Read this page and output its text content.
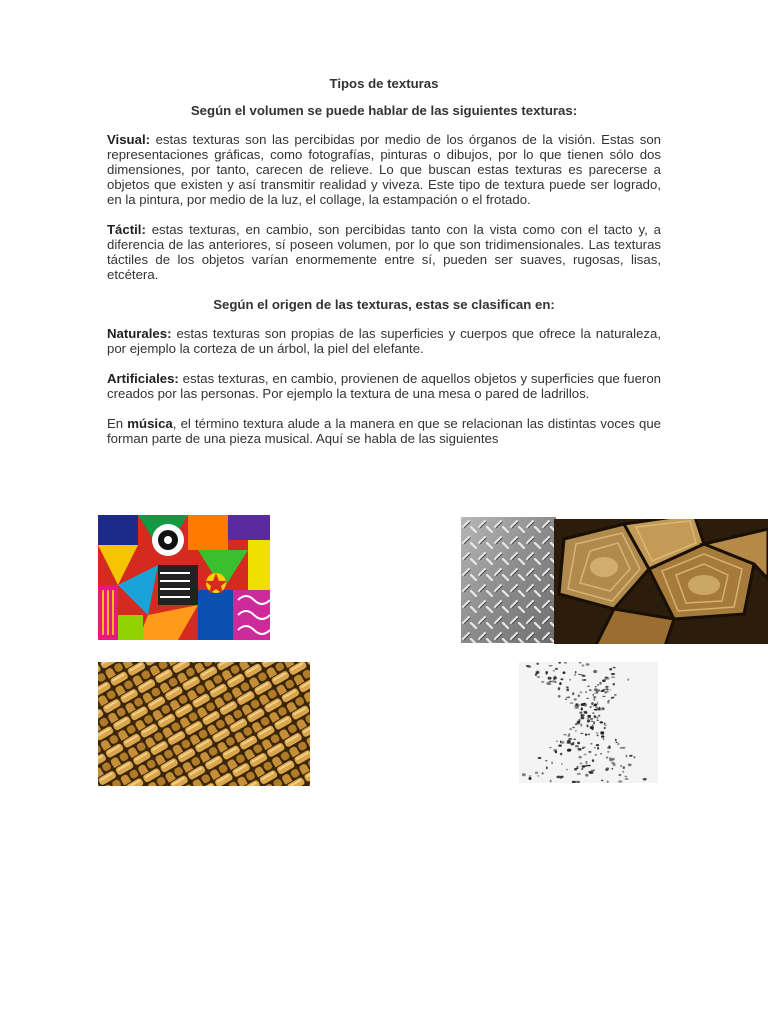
Tipos de texturas
Según el volumen se puede hablar de las siguientes texturas:

Visual: estas texturas son las percibidas por medio de los órganos de la visión. Estas son representaciones gráficas, como fotografías, pinturas o dibujos, por lo que tienen sólo dos dimensiones, por tanto, carecen de relieve. Lo que buscan estas texturas es parecerse a objetos que existen y así transmitir realidad y viveza. Este tipo de textura puede ser logrado, en la pintura, por medio de la luz, el collage, la estampación o el frotado.

Táctil: estas texturas, en cambio, son percibidas tanto con la vista como con el tacto y, a diferencia de las anteriores, sí poseen volumen, por lo que son tridimensionales. Las texturas táctiles de los objetos varían enormemente entre sí, pueden ser suaves, rugosas, lisas, etcétera.

Según el origen de las texturas, estas se clasifican en:

Naturales: estas texturas son propias de las superficies y cuerpos que ofrece la naturaleza, por ejemplo la corteza de un árbol, la piel del elefante.

Artificiales: estas texturas, en cambio, provienen de aquellos objetos y superficies que fueron creados por las personas. Por ejemplo la textura de una mesa o pared de ladrillos.

En música, el término textura alude a la manera en que se relacionan las distintas voces que forman parte de una pieza musical. Aquí se habla de las siguientes
